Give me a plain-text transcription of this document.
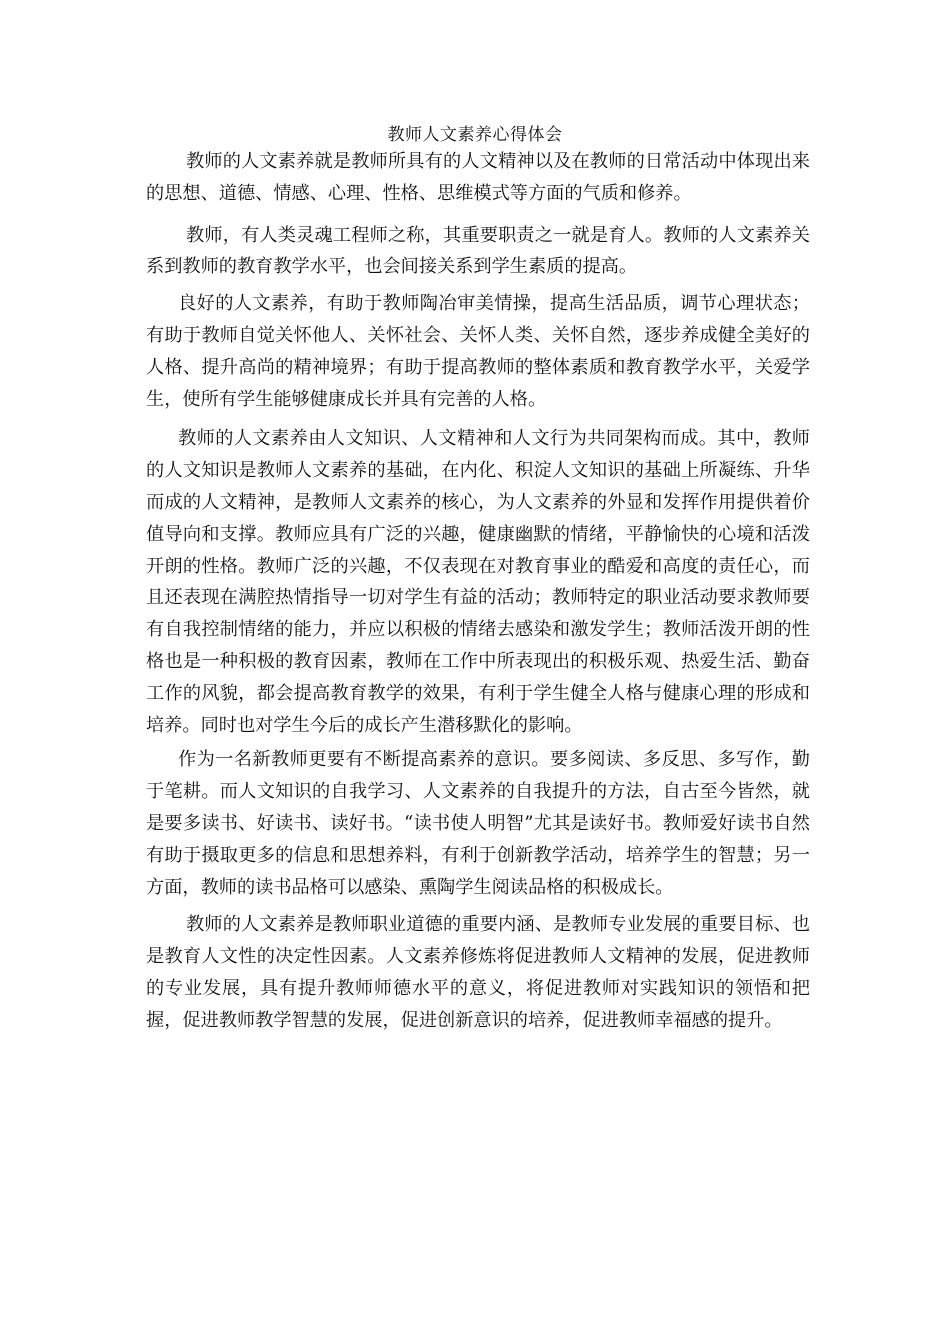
教师人文素养心得体会

教师的人文素养就是教师所具有的人文精神以及在教师的日常活动中体现出来的思想、道德、情感、心理、性格、思维模式等方面的气质和修养。

教师，有人类灵魂工程师之称，其重要职责之一就是育人。教师的人文素养关系到教师的教育教学水平，也会间接关系到学生素质的提高。

良好的人文素养，有助于教师陶冶审美情操，提高生活品质，调节心理状态；有助于教师自觉关怀他人、关怀社会、关怀人类、关怀自然，逐步养成健全美好的人格、提升高尚的精神境界；有助于提高教师的整体素质和教育教学水平，关爱学生，使所有学生能够健康成长并具有完善的人格。

教师的人文素养由人文知识、人文精神和人文行为共同架构而成。其中，教师的人文知识是教师人文素养的基础，在内化、积淀人文知识的基础上所凝练、升华而成的人文精神，是教师人文素养的核心，为人文素养的外显和发挥作用提供着价值导向和支撑。教师应具有广泛的兴趣，健康幽默的情绪，平静愉快的心境和活泼开朗的性格。教师广泛的兴趣，不仅表现在对教育事业的酷爱和高度的责任心，而且还表现在满腔热情指导一切对学生有益的活动；教师特定的职业活动要求教师要有自我控制情绪的能力，并应以积极的情绪去感染和激发学生；教师活泼开朗的性格也是一种积极的教育因素，教师在工作中所表现出的积极乐观、热爱生活、勤奋工作的风貌，都会提高教育教学的效果，有利于学生健全人格与健康心理的形成和培养。同时也对学生今后的成长产生潜移默化的影响。

作为一名新教师更要有不断提高素养的意识。要多阅读、多反思、多写作，勤于笔耕。而人文知识的自我学习、人文素养的自我提升的方法，自古至今皆然，就是要多读书、好读书、读好书。“读书使人明智”尤其是读好书。教师爱好读书自然有助于摄取更多的信息和思想养料，有利于创新教学活动，培养学生的智慧；另一方面，教师的读书品格可以感染、熏陶学生阅读品格的积极成长。

教师的人文素养是教师职业道德的重要内涵、是教师专业发展的重要目标、也是教育人文性的决定性因素。人文素养修炼将促进教师人文精神的发展，促进教师的专业发展，具有提升教师师德水平的意义，将促进教师对实践知识的领悟和把握，促进教师教学智慧的发展，促进创新意识的培养，促进教师幸福感的提升。
